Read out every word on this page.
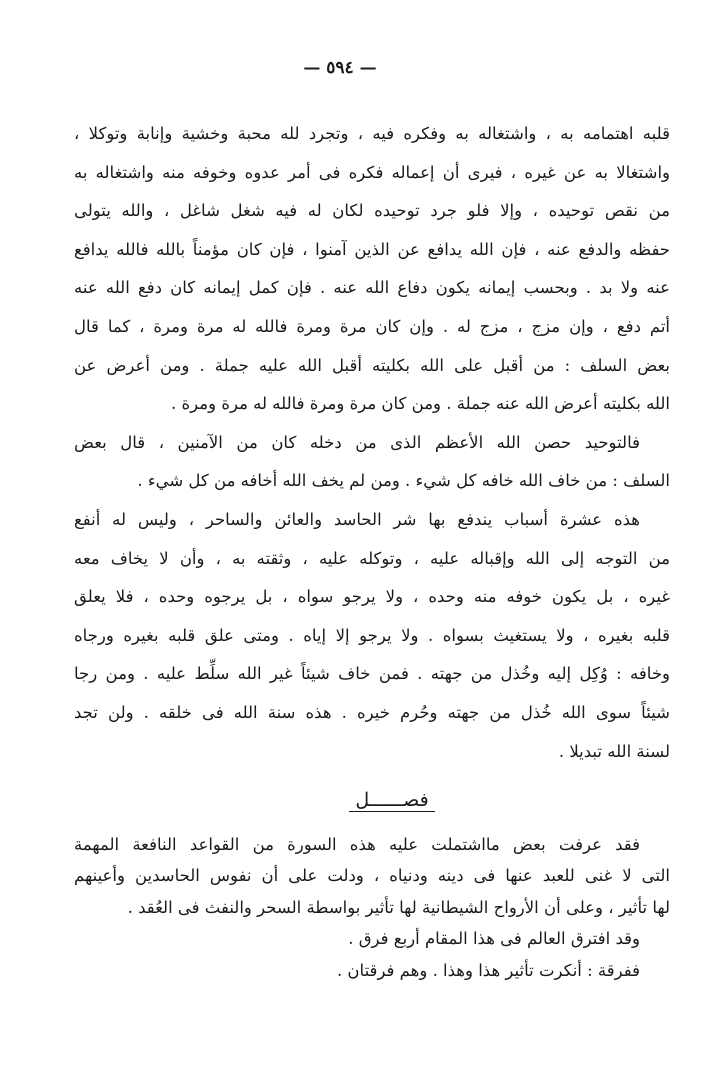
— ٥٩٤ —
قلبه اهتمامه به ، واشتغاله به وفكره فيه ، وتجرد لله محبة وخشية وإنابة وتوكلا ،
واشتغالا به عن غيره ، فيرى أن إعماله فكره فى أمر عدوه وخوفه منه واشتغاله به
من نقص توحيده ، وإلا فلو جرد توحيده لكان له فيه شغل شاغل ، والله يتولى
حفظه والدفع عنه ، فإن الله يدافع عن الذين آمنوا ، فإن كان مؤمناً بالله فالله يدافع
عنه ولا بد . وبحسب إيمانه يكون دفاع الله عنه . فإن كمل إيمانه كان دفع الله عنه
أتم دفع ، وإن مزج ، مزج له . وإن كان مرة ومرة فالله له مرة ومرة ، كما قال
بعض السلف : من أقبل على الله بكليته أقبل الله عليه جملة . ومن أعرض عن
الله بكليته أعرض الله عنه جملة . ومن كان مرة ومرة فالله له مرة ومرة .
فالتوحيد حصن الله الأعظم الذى من دخله كان من الآمنين ، قال بعض
السلف : من خاف الله خافه كل شيء . ومن لم يخف الله أخافه من كل شيء .
هذه عشرة أسباب يندفع بها شر الحاسد والعائن والساحر ، وليس له أنفع
من التوجه إلى الله وإقباله عليه ، وتوكله عليه ، وثقته به ، وأن لا يخاف معه
غيره ، بل يكون خوفه منه وحده ، ولا يرجو سواه ، بل يرجوه وحده ، فلا يعلق
قلبه بغيره ، ولا يستغيث بسواه . ولا يرجو إلا إياه . ومتى علق قلبه بغيره ورجاه
وخافه : وُكِل إليه وخُذل من جهته . فمن خاف شيئاً غير الله سلِّط عليه . ومن رجا
شيئاً سوى الله خُذل من جهته وحُرم خيره . هذه سنة الله فى خلقه . ولن تجد
لسنة الله تبديلا .
فصــــــل
فقد عرفت بعض مااشتملت عليه هذه السورة من القواعد النافعة المهمة
التى لا غنى للعبد عنها فى دينه ودنياه ، ودلت على أن نفوس الحاسدين وأعينهم
لها تأثير ، وعلى أن الأرواح الشيطانية لها تأثير بواسطة السحر والنفث فى العُقد .
وقد افترق العالم فى هذا المقام أربع فرق .
ففرقة : أنكرت تأثير هذا وهذا . وهم فرقتان .
